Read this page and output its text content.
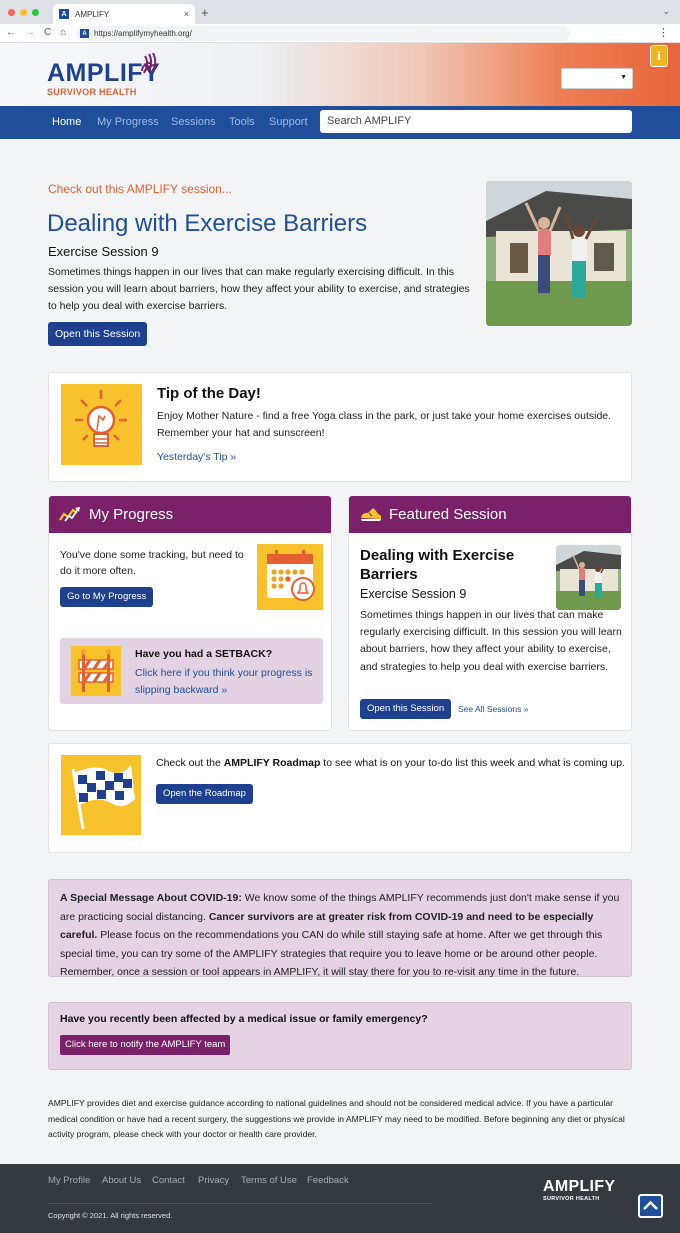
A	AMPLIFY	× +	⌄
← → C ⌂	A https://amplifymyhealth.org/	⋮
AMPLIFY
SURVIVOR HEALTH
▼
i
Home My Progress Sessions Tools Support	Search AMPLIFY
Check out this AMPLIFY session...
Dealing with Exercise Barriers
Exercise Session 9
Sometimes things happen in our lives that can make regularly exercising difficult. In this session you will learn about barriers, how they affect your ability to exercise, and strategies to help you deal with exercise barriers.
Open this Session
Tip of the Day!
Enjoy Mother Nature - find a free Yoga class in the park, or just take your home exercises outside. Remember your hat and sunscreen!
Yesterday's Tip »
My Progress
You've done some tracking, but need to do it more often.
Go to My Progress
Have you had a SETBACK?
Click here if you think your progress is slipping backward »
Featured Session
Dealing with Exercise Barriers
Exercise Session 9
Sometimes things happen in our lives that can make regularly exercising difficult. In this session you will learn about barriers, how they affect your ability to exercise, and strategies to help you deal with exercise barriers.
Open this Session	See All Sessions »
Check out the AMPLIFY Roadmap to see what is on your to-do list this week and what is coming up.
Open the Roadmap
A Special Message About COVID-19: We know some of the things AMPLIFY recommends just don't make sense if you are practicing social distancing. Cancer survivors are at greater risk from COVID-19 and need to be especially careful. Please focus on the recommendations you CAN do while still staying safe at home. After we get through this special time, you can try some of the AMPLIFY strategies that require you to leave home or be around other people. Remember, once a session or tool appears in AMPLIFY, it will stay there for you to re-visit any time in the future.
Have you recently been affected by a medical issue or family emergency?
Click here to notify the AMPLIFY team
AMPLIFY provides diet and exercise guidance according to national guidelines and should not be considered medical advice. If you have a particular medical condition or have had a recent surgery, the suggestions we provide in AMPLIFY may need to be modified. Before beginning any diet or physical activity program, please check with your doctor or health care provider.
My Profile About Us Contact Privacy Terms of Use Feedback
Copyright © 2021. All rights reserved.
AMPLIFY
SURVIVOR HEALTH
